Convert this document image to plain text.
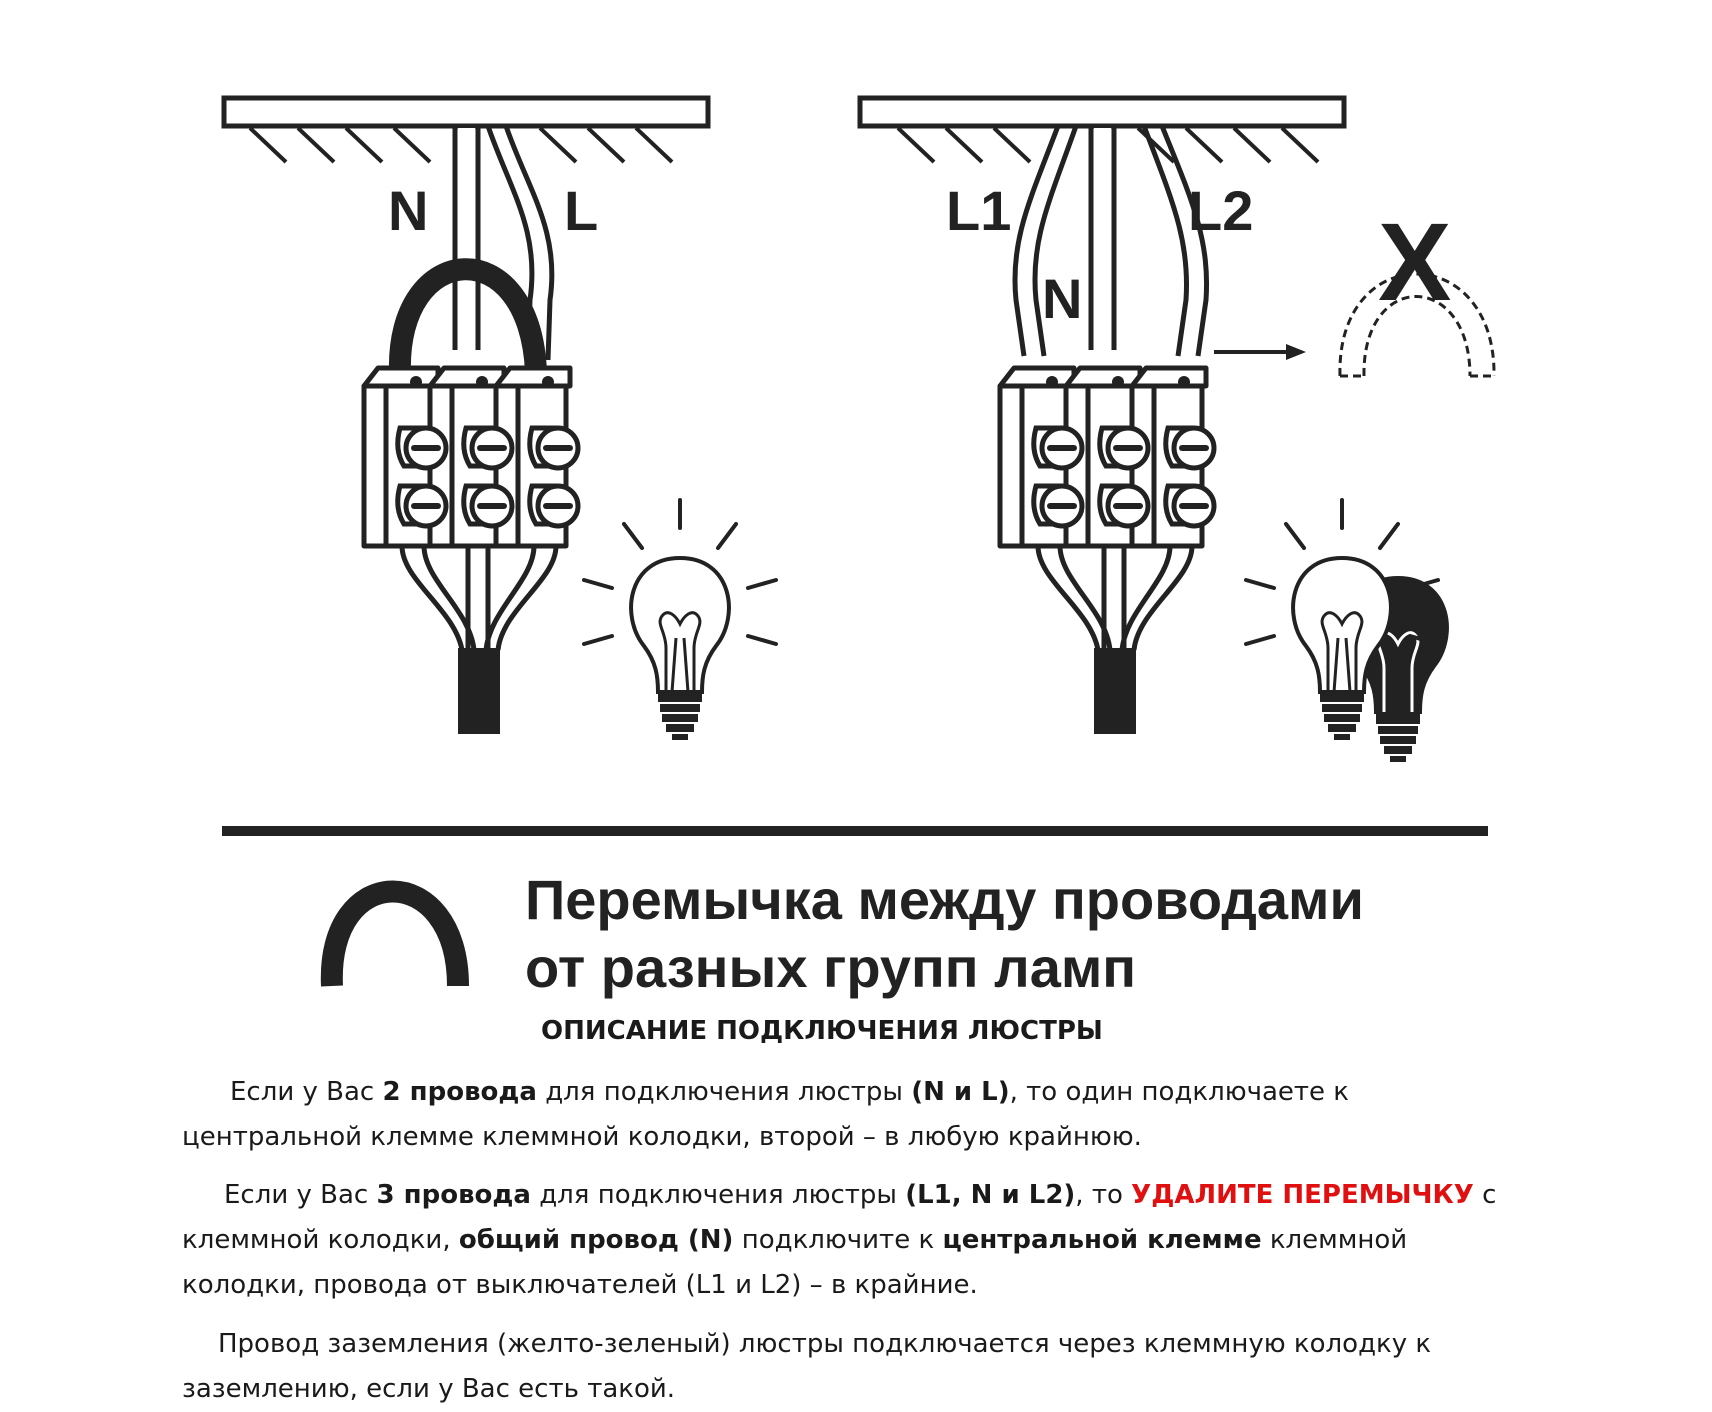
N L	L1	L2
N	X
Перемычка между проводами
от разных групп ламп
ОПИСАНИЕ ПОДКЛЮЧЕНИЯ ЛЮСТРЫ

Если у Вас 2 провода для подключения люстры (N и L), то один подключаете к центральной клемме клеммной колодки, второй – в любую крайнюю.

Если у Вас 3 провода для подключения люстры (L1, N и L2), то УДАЛИТЕ ПЕРЕМЫЧКУ с клеммной колодки, общий провод (N) подключите к центральной клемме клеммной колодки, провода от выключателей (L1 и L2) – в крайние.

Провод заземления (желто-зеленый) люстры подключается через клеммную колодку к заземлению, если у Вас есть такой.
